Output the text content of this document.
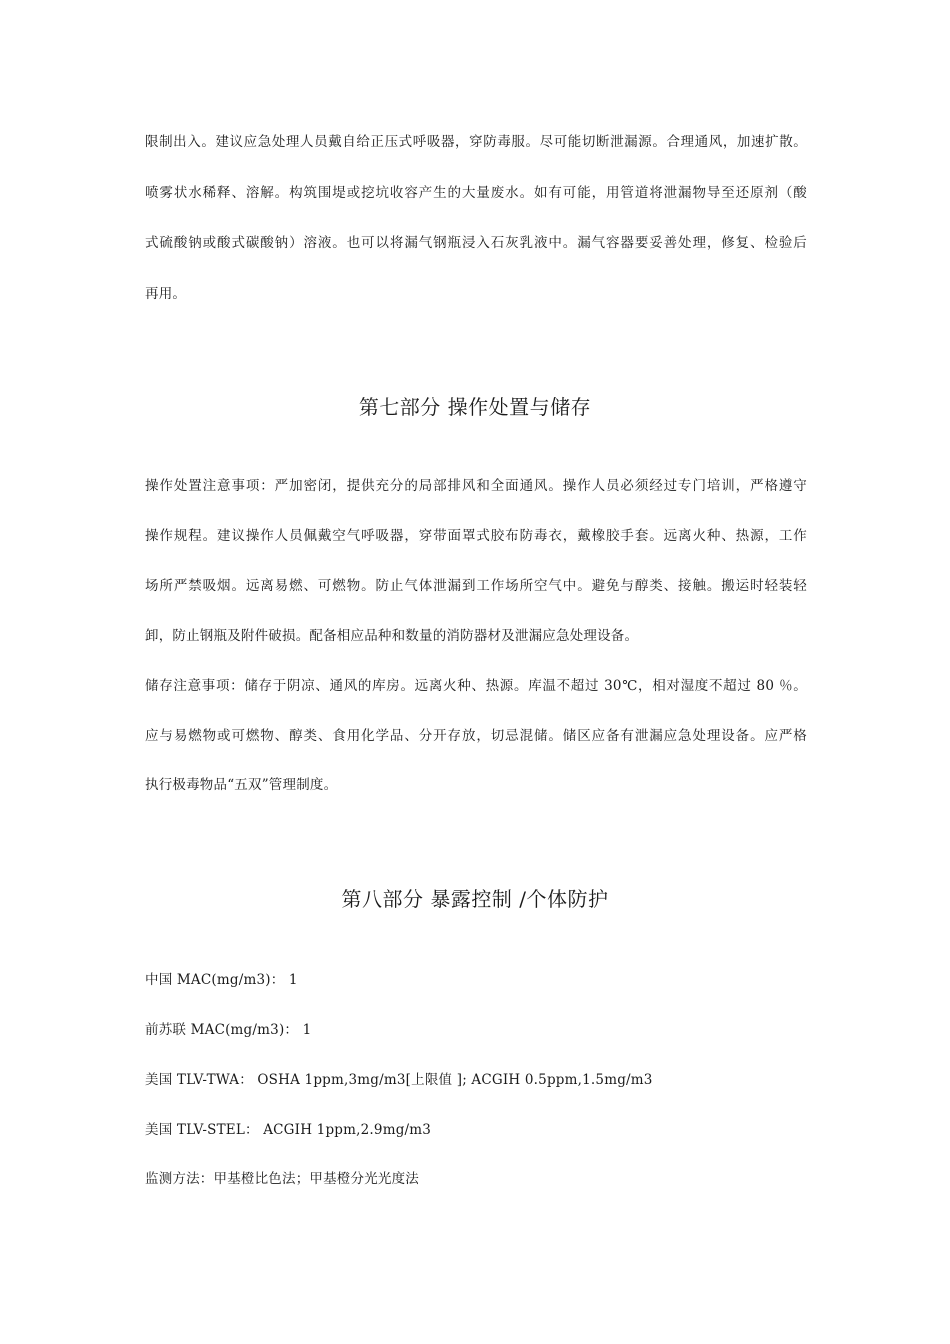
限制出入。建议应急处理人员戴自给正压式呼吸器，穿防毒服。尽可能切断泄漏源。合理通风，加速扩散。
喷雾状水稀释、溶解。构筑围堤或挖坑收容产生的大量废水。如有可能，用管道将泄漏物导至还原剂（酸
式硫酸钠或酸式碳酸钠）溶液。也可以将漏气钢瓶浸入石灰乳液中。漏气容器要妥善处理，修复、检验后
再用。
第七部分 操作处置与储存
操作处置注意事项：严加密闭，提供充分的局部排风和全面通风。操作人员必须经过专门培训，严格遵守
操作规程。建议操作人员佩戴空气呼吸器，穿带面罩式胶布防毒衣，戴橡胶手套。远离火种、热源，工作
场所严禁吸烟。远离易燃、可燃物。防止气体泄漏到工作场所空气中。避免与醇类、接触。搬运时轻装轻
卸，防止钢瓶及附件破损。配备相应品种和数量的消防器材及泄漏应急处理设备。
储存注意事项：储存于阴凉、通风的库房。远离火种、热源。库温不超过 30℃，相对湿度不超过 80 ％。
应与易燃物或可燃物、醇类、食用化学品、分开存放，切忌混储。储区应备有泄漏应急处理设备。应严格
执行极毒物品“五双”管理制度。
第八部分 暴露控制 /个体防护
中国 MAC(mg/m3)： 1
前苏联 MAC(mg/m3)： 1
美国 TLV-TWA： OSHA 1ppm,3mg/m3[上限值 ]; ACGIH 0.5ppm,1.5mg/m3
美国 TLV-STEL： ACGIH 1ppm,2.9mg/m3
监测方法：甲基橙比色法；甲基橙分光光度法
